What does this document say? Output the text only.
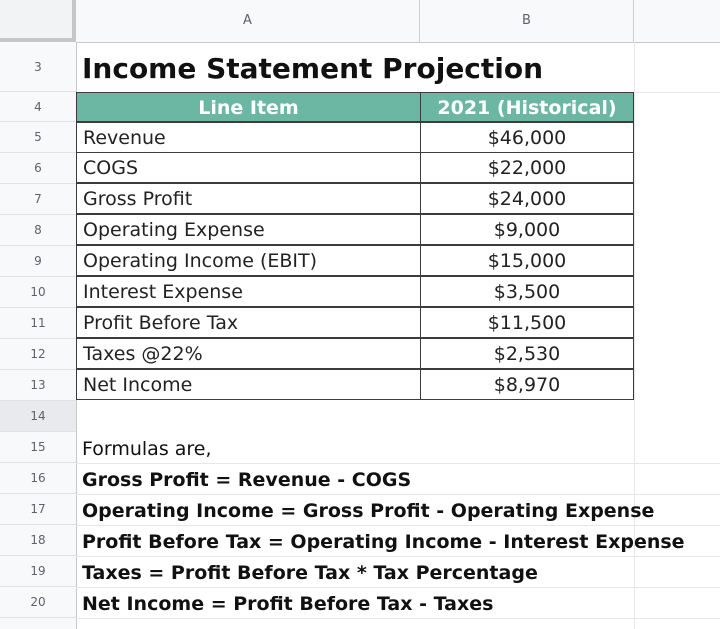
A	B
3
4
5
6
7
8
9
10
11
12
13
14
15
16
17
18
19
20
Income Statement Projection
Line Item	2021 (Historical)
Revenue	$46,000
COGS	$22,000
Gross Profit	$24,000
Operating Expense	$9,000
Operating Income (EBIT)	$15,000
Interest Expense	$3,500
Profit Before Tax	$11,500
Taxes @22%	$2,530
Net Income	$8,970
Formulas are,
Gross Profit = Revenue - COGS
Operating Income = Gross Profit - Operating Expense
Profit Before Tax = Operating Income - Interest Expense
Taxes = Profit Before Tax * Tax Percentage
Net Income = Profit Before Tax - Taxes
